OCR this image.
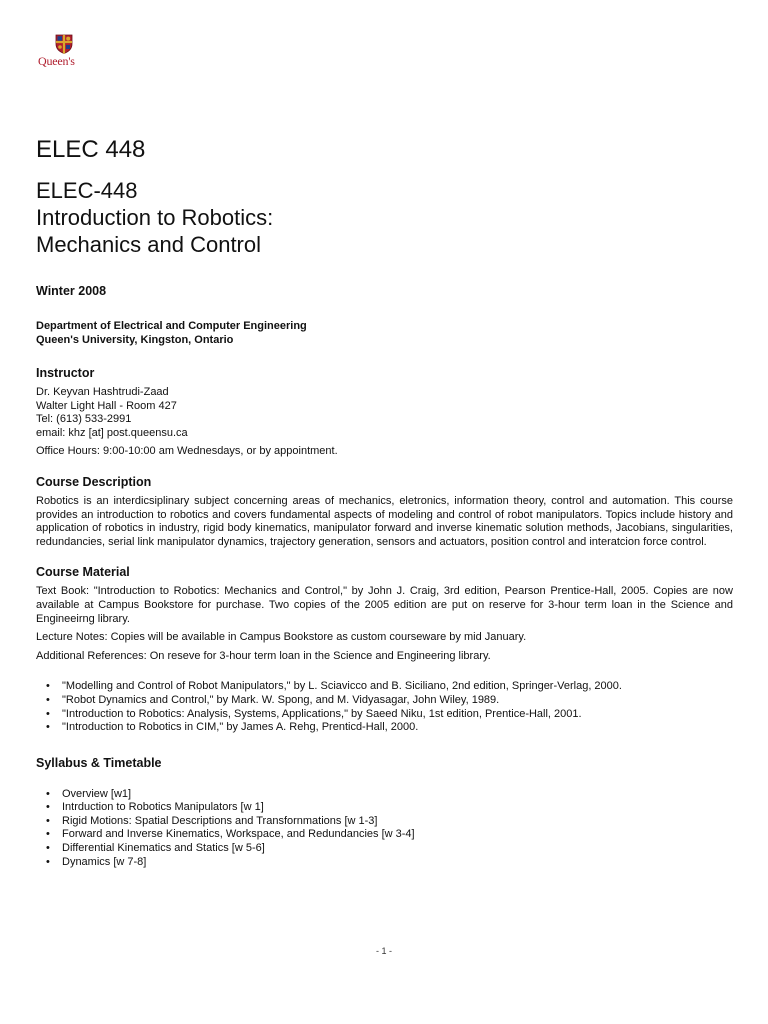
Queen's
ELEC 448
ELEC-448
Introduction to Robotics:
Mechanics and Control
Winter 2008
Department of Electrical and Computer Engineering
Queen's University, Kingston, Ontario
Instructor
Dr. Keyvan Hashtrudi-Zaad
Walter Light Hall - Room 427
Tel: (613) 533-2991
email: khz [at] post.queensu.ca

Office Hours: 9:00-10:00 am Wednesdays, or by appointment.

Course Description

Robotics is an interdicsiplinary subject concerning areas of mechanics, eletronics, information theory, control and automation. This course provides an introduction to robotics and covers fundamental aspects of modeling and control of robot manipulators. Topics include history and application of robotics in industry, rigid body kinematics, manipulator forward and inverse kinematic solution methods, Jacobians, singularities, redundancies, serial link manipulator dynamics, trajectory generation, sensors and actuators, position control and interatcion force control.

Course Material

Text Book: "Introduction to Robotics: Mechanics and Control," by John J. Craig, 3rd edition, Pearson Prentice-Hall, 2005. Copies are now available at Campus Bookstore for purchase. Two copies of the 2005 edition are put on reserve for 3-hour term loan in the Science and Engineeirng library.

Lecture Notes: Copies will be available in Campus Bookstore as custom courseware by mid January.

Additional References: On reseve for 3-hour term loan in the Science and Engineering library.

• "Modelling and Control of Robot Manipulators," by L. Sciavicco and B. Siciliano, 2nd edition, Springer-Verlag, 2000.
• "Robot Dynamics and Control," by Mark. W. Spong, and M. Vidyasagar, John Wiley, 1989.
• "Introduction to Robotics: Analysis, Systems, Applications," by Saeed Niku, 1st edition, Prentice-Hall, 2001.
• "Introduction to Robotics in CIM," by James A. Rehg, Prenticd-Hall, 2000.
Syllabus & Timetable
• Overview [w1]
• Intrduction to Robotics Manipulators [w 1]
• Rigid Motions: Spatial Descriptions and Transfornmations [w 1-3]
• Forward and Inverse Kinematics, Workspace, and Redundancies [w 3-4]
• Differential Kinematics and Statics [w 5-6]
• Dynamics [w 7-8]
- 1 -
